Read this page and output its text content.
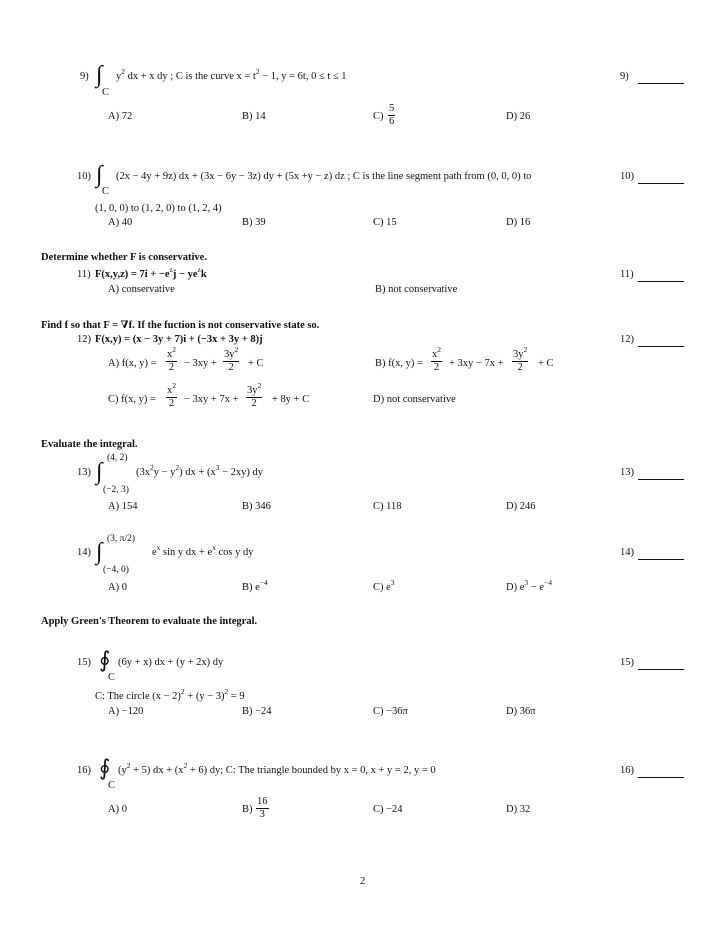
9) ∫ $y^2$ dx + x dy ; C is the curve $x = t^2 - 1$, y = 6t, 0 ≤ t ≤ 1
C
9)
A) 72	B) 14	$C) \frac{5}{6}$	D) 26
10) ∫ (2x − 4y + 9z) dx + (3x − 6y − 3z) dy + (5x +y − z) dz ; C is the line segment path from (0, 0, 0) to
C
10)
(1, 0, 0) to (1, 2, 0) to (1, 2, 4)
A) 40	B) 39	C) 15	D) 16
Determine whether F is conservative.
11) $F(x,y,z) = 7i + -e^zj - ye^zk$	11)
A) conservative	B) not conservative
Find f so that F = ∇f. If the fuction is not conservative state so.
12) F(x,y) = (x − 3y + 7)i + (−3x + 3y + 8)j	12)
A) f(x, $y) = \frac{x^2}{2} - 3xy + \frac{3y^2}{2} + C$	B) f(x, $y) = \frac{x^2}{2} + 3xy - 7x + \frac{3y^2}{2} + C$
C) f(x, $y) = \frac{x^2}{2} - 3xy + 7x + \frac{3y^2}{2} + 8y + C$	D) not conservative
Evaluate the integral.
(4, 2)
13) ∫	$(3x^2y - y^2)$ dx + $(x^3 - 2xy)$ dy
(−2, 3)
13)
A) 154	B) 346	C) 118	D) 246
(3, π/2)
14) ∫	$e^x$ sin y dx + $e^x$ cos y dy
(−4, 0)
14)
A) 0	B) $e^{-4}$	C) $e^3$	D) $e^3 - e^{-4}$
Apply Green's Theorem to evaluate the integral.
15) ∮ (6y + x) dx + (y + 2x) dy
C
15)
C: The circle $(x - 2)^2 + (y - 3)^2 = 9$
A) −120	B) −24	C) −36π	D) 36π
16) ∮ $(y^2 + 5)$ dx + $(x^2 + 6)$ dy; C: The triangle bounded by x = 0, x + y = 2, y = 0
C
16)
A) 0	$B) \frac{16}{3}$	C) −24	D) 32
2
